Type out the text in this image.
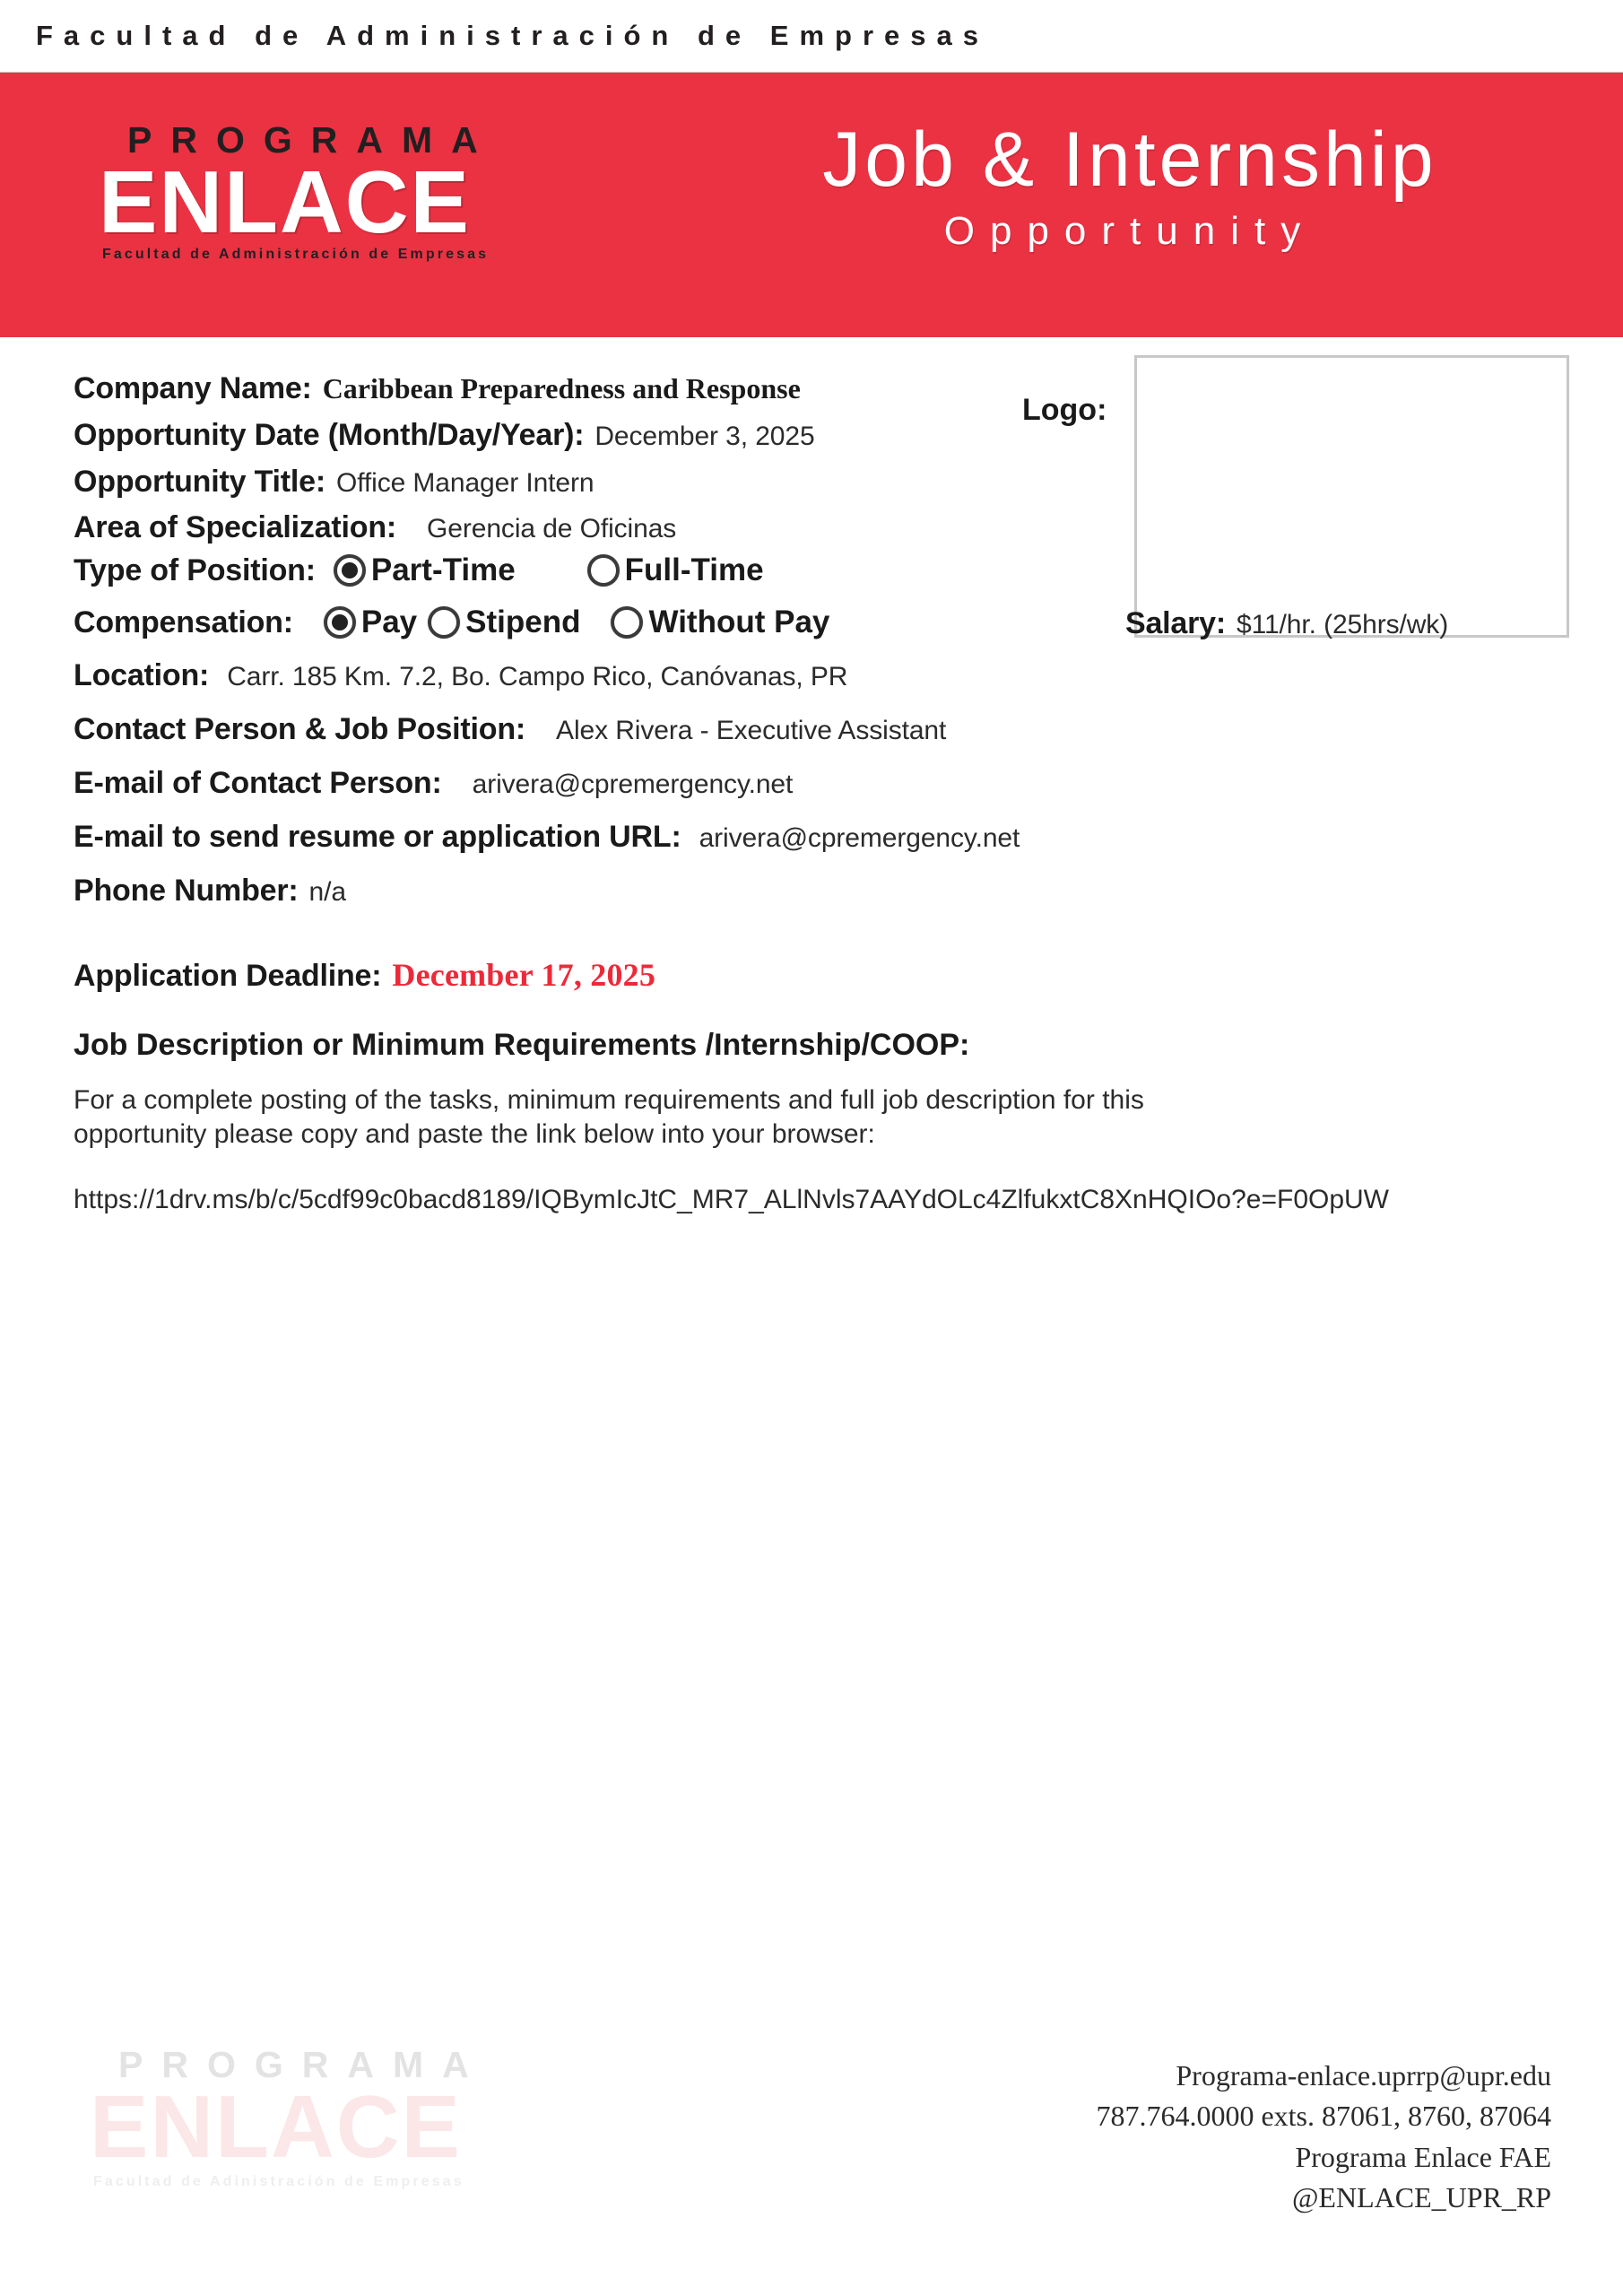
Facultad de Administración de Empresas
PROGRAMA
ENLACE
Facultad de Administración de Empresas
Job & Internship
Opportunity
Logo:
Company Name: Caribbean Preparedness and Response
Opportunity Date (Month/Day/Year): December 3, 2025
Opportunity Title: Office Manager Intern
Area of Specialization: Gerencia de Oficinas
Type of Position: Part-Time	Full-Time
Compensation: Pay Stipend Without Pay	Salary: $11/hr. (25hrs/wk)
Location: Carr. 185 Km. 7.2, Bo. Campo Rico, Canóvanas, PR
Contact Person & Job Position: Alex Rivera - Executive Assistant
E-mail of Contact Person: arivera@cpremergency.net
E-mail to send resume or application URL: arivera@cpremergency.net
Phone Number: n/a
Application Deadline: December 17, 2025
Job Description or Minimum Requirements /Internship/COOP:
For a complete posting of the tasks, minimum requirements and full job description for this opportunity please copy and paste the link below into your browser:
https://1drv.ms/b/c/5cdf99c0bacd8189/IQBymIcJtC_MR7_ALlNvls7AAYdOLc4ZlfukxtC8XnHQIOo?e=F0OpUW
PROGRAMA
ENLACE
Facultad de Adinistración de Empresas
Programa-enlace.uprrp@upr.edu
787.764.0000 exts. 87061, 8760, 87064
Programa Enlace FAE
@ENLACE_UPR_RP
